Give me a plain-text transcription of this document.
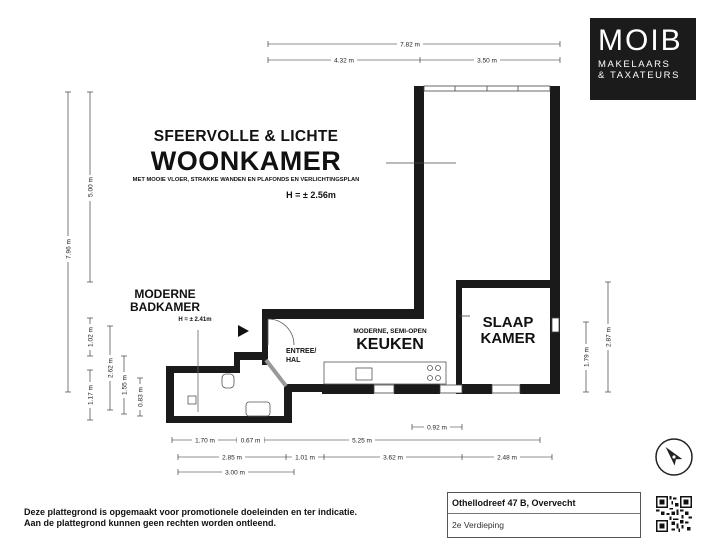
7.82 m
4.32 m	3.50 m
5.00 m
7.96 m
1.02 m
2.62 m
1.17 m
1.55 m
0.83 m
1.79 m
2.87 m
0.92 m
1.70 m	0.67 m	5.25 m
2.85 m	1.01 m	3.62 m	2.48 m
3.00 m
MOIB
MAKELAARS
& TAXATEURS
SFEERVOLLE & LICHTE
WOONKAMER
MET MOOIE VLOER, STRAKKE WANDEN EN PLAFONDS EN VERLICHTINGSPLAN
H = ± 2.56m
MODERNE
BADKAMER
H = ± 2.41m
ENTREE/
HAL
MODERNE, SEMI-OPEN
KEUKEN
SLAAP
KAMER
Deze plattegrond is opgemaakt voor promotionele doeleinden en ter indicatie.
Aan de plattegrond kunnen geen rechten worden ontleend.
Othellodreef 47 B, Overvecht
2e Verdieping
